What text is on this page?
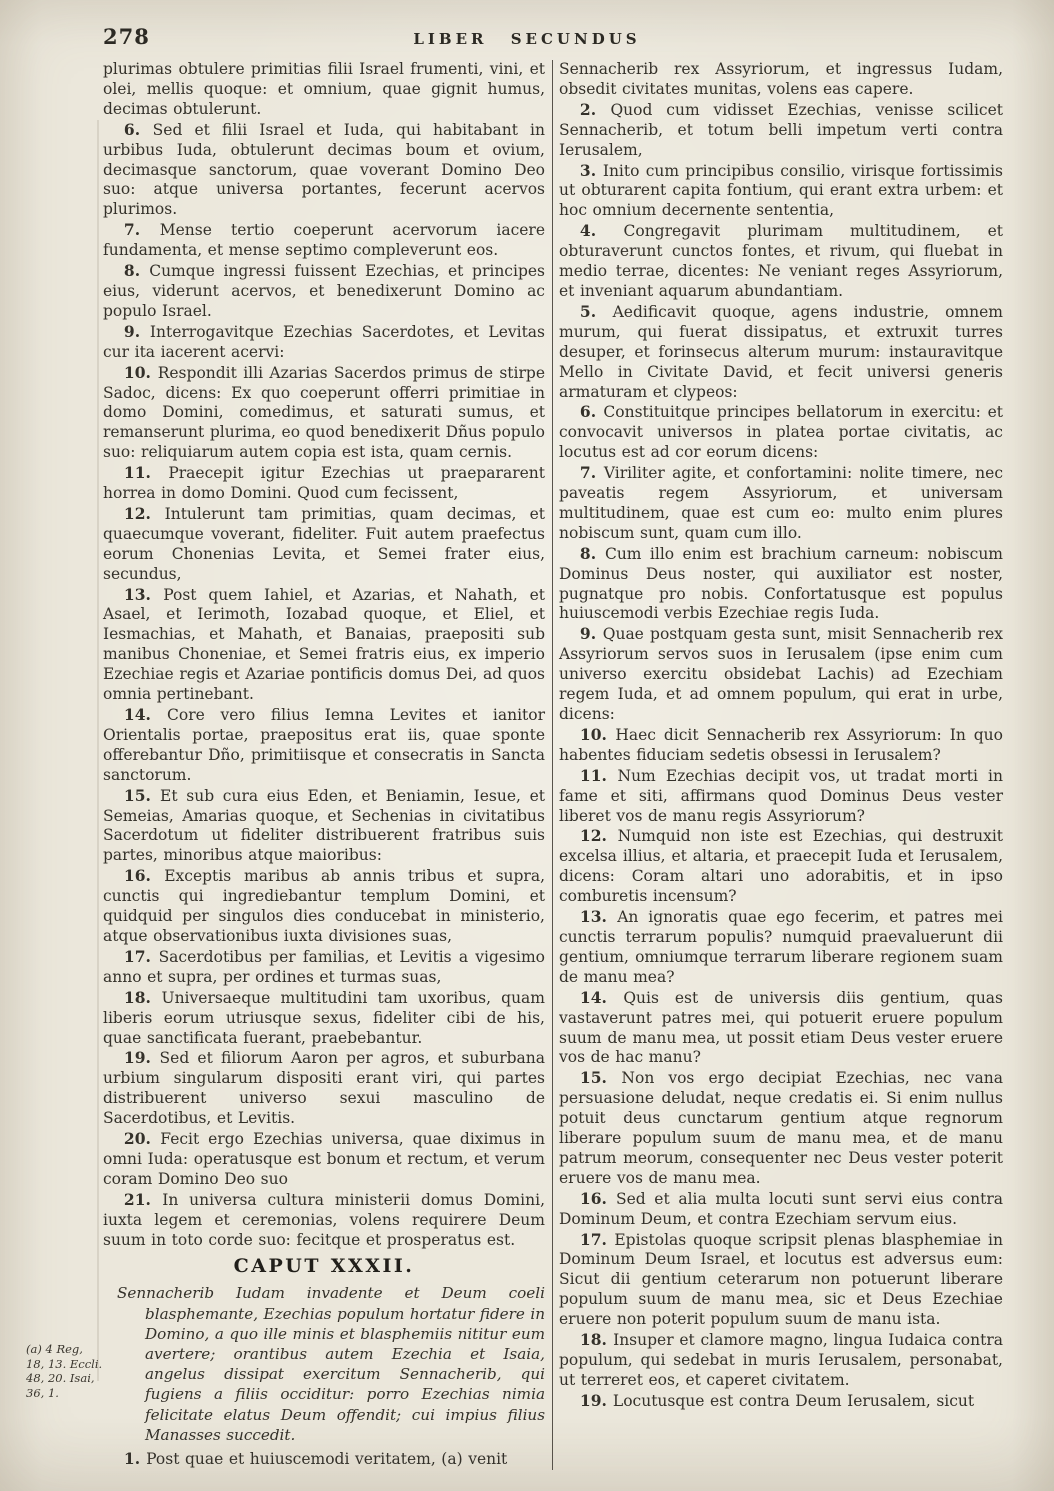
278	LIBER SECUNDUS

plurimas obtulere primitias filii Israel frumenti, vini, et olei, mellis quoque: et omnium, quae gignit humus, decimas obtulerunt.

6. Sed et filii Israel et Iuda, qui habitabant in urbibus Iuda, obtulerunt decimas boum et ovium, decimasque sanctorum, quae voverant Domino Deo suo: atque universa portantes, fecerunt acervos plurimos.

7. Mense tertio coeperunt acervorum iacere fundamenta, et mense septimo compleverunt eos.

8. Cumque ingressi fuissent Ezechias, et principes eius, viderunt acervos, et benedixerunt Domino ac populo Israel.

9. Interrogavitque Ezechias Sacerdotes, et Levitas cur ita iacerent acervi:

10. Respondit illi Azarias Sacerdos primus de stirpe Sadoc, dicens: Ex quo coeperunt offerri primitiae in domo Domini, comedimus, et saturati sumus, et remanserunt plurima, eo quod benedixerit Dñus populo suo: reliquiarum autem copia est ista, quam cernis.

11. Praecepit igitur Ezechias ut praepararent horrea in domo Domini. Quod cum fecissent,

12. Intulerunt tam primitias, quam decimas, et quaecumque voverant, fideliter. Fuit autem praefectus eorum Chonenias Levita, et Semei frater eius, secundus,

13. Post quem Iahiel, et Azarias, et Nahath, et Asael, et Ierimoth, Iozabad quoque, et Eliel, et Iesmachias, et Mahath, et Banaias, praepositi sub manibus Choneniae, et Semei fratris eius, ex imperio Ezechiae regis et Azariae pontificis domus Dei, ad quos omnia pertinebant.

14. Core vero filius Iemna Levites et ianitor Orientalis portae, praepositus erat iis, quae sponte offerebantur Dño, primitiisque et consecratis in Sancta sanctorum.

15. Et sub cura eius Eden, et Beniamin, Iesue, et Semeias, Amarias quoque, et Sechenias in civitatibus Sacerdotum ut fideliter distribuerent fratribus suis partes, minoribus atque maioribus:

16. Exceptis maribus ab annis tribus et supra, cunctis qui ingrediebantur templum Domini, et quidquid per singulos dies conducebat in ministerio, atque observationibus iuxta divisiones suas,

17. Sacerdotibus per familias, et Levitis a vigesimo anno et supra, per ordines et turmas suas,

18. Universaeque multitudini tam uxoribus, quam liberis eorum utriusque sexus, fideliter cibi de his, quae sanctificata fuerant, praebebantur.

19. Sed et filiorum Aaron per agros, et suburbana urbium singularum dispositi erant viri, qui partes distribuerent universo sexui masculino de Sacerdotibus, et Levitis.

20. Fecit ergo Ezechias universa, quae diximus in omni Iuda: operatusque est bonum et rectum, et verum coram Domino Deo suo

21. In universa cultura ministerii domus Domini, iuxta legem et ceremonias, volens requirere Deum suum in toto corde suo: fecitque et prosperatus est.

CAPUT XXXII.

Sennacherib Iudam invadente et Deum coeli blasphemante, Ezechias populum hortatur fidere in Domino, a quo ille minis et blasphemiis nititur eum avertere; orantibus autem Ezechia et Isaia, angelus dissipat exercitum Sennacherib, qui fugiens a filiis occiditur: porro Ezechias nimia felicitate elatus Deum offendit; cui impius filius Manasses succedit.

1. Post quae et huiuscemodi veritatem, (a) venit

Sennacherib rex Assyriorum, et ingressus Iudam, obsedit civitates munitas, volens eas capere.

2. Quod cum vidisset Ezechias, venisse scilicet Sennacherib, et totum belli impetum verti contra Ierusalem,

3. Inito cum principibus consilio, virisque fortissimis ut obturarent capita fontium, qui erant extra urbem: et hoc omnium decernente sententia,

4. Congregavit plurimam multitudinem, et obturaverunt cunctos fontes, et rivum, qui fluebat in medio terrae, dicentes: Ne veniant reges Assyriorum, et inveniant aquarum abundantiam.

5. Aedificavit quoque, agens industrie, omnem murum, qui fuerat dissipatus, et extruxit turres desuper, et forinsecus alterum murum: instauravitque Mello in Civitate David, et fecit universi generis armaturam et clypeos:

6. Constituitque principes bellatorum in exercitu: et convocavit universos in platea portae civitatis, ac locutus est ad cor eorum dicens:

7. Viriliter agite, et confortamini: nolite timere, nec paveatis regem Assyriorum, et universam multitudinem, quae est cum eo: multo enim plures nobiscum sunt, quam cum illo.

8. Cum illo enim est brachium carneum: nobiscum Dominus Deus noster, qui auxiliator est noster, pugnatque pro nobis. Confortatusque est populus huiuscemodi verbis Ezechiae regis Iuda.

9. Quae postquam gesta sunt, misit Sennacherib rex Assyriorum servos suos in Ierusalem (ipse enim cum universo exercitu obsidebat Lachis) ad Ezechiam regem Iuda, et ad omnem populum, qui erat in urbe, dicens:

10. Haec dicit Sennacherib rex Assyriorum: In quo habentes fiduciam sedetis obsessi in Ierusalem?

11. Num Ezechias decipit vos, ut tradat morti in fame et siti, affirmans quod Dominus Deus vester liberet vos de manu regis Assyriorum?

12. Numquid non iste est Ezechias, qui destruxit excelsa illius, et altaria, et praecepit Iuda et Ierusalem, dicens: Coram altari uno adorabitis, et in ipso comburetis incensum?

13. An ignoratis quae ego fecerim, et patres mei cunctis terrarum populis? numquid praevaluerunt dii gentium, omniumque terrarum liberare regionem suam de manu mea?

14. Quis est de universis diis gentium, quas vastaverunt patres mei, qui potuerit eruere populum suum de manu mea, ut possit etiam Deus vester eruere vos de hac manu?

15. Non vos ergo decipiat Ezechias, nec vana persuasione deludat, neque credatis ei. Si enim nullus potuit deus cunctarum gentium atque regnorum liberare populum suum de manu mea, et de manu patrum meorum, consequenter nec Deus vester poterit eruere vos de manu mea.

16. Sed et alia multa locuti sunt servi eius contra Dominum Deum, et contra Ezechiam servum eius.

17. Epistolas quoque scripsit plenas blasphemiae in Dominum Deum Israel, et locutus est adversus eum: Sicut dii gentium ceterarum non potuerunt liberare populum suum de manu mea, sic et Deus Ezechiae eruere non poterit populum suum de manu ista.

18. Insuper et clamore magno, lingua Iudaica contra populum, qui sedebat in muris Ierusalem, personabat, ut terreret eos, et caperet civitatem.

19. Locutusque est contra Deum Ierusalem, sicut

(a) 4 Reg,
18, 13. Eccli.
48, 20. Isai,
36, 1.
